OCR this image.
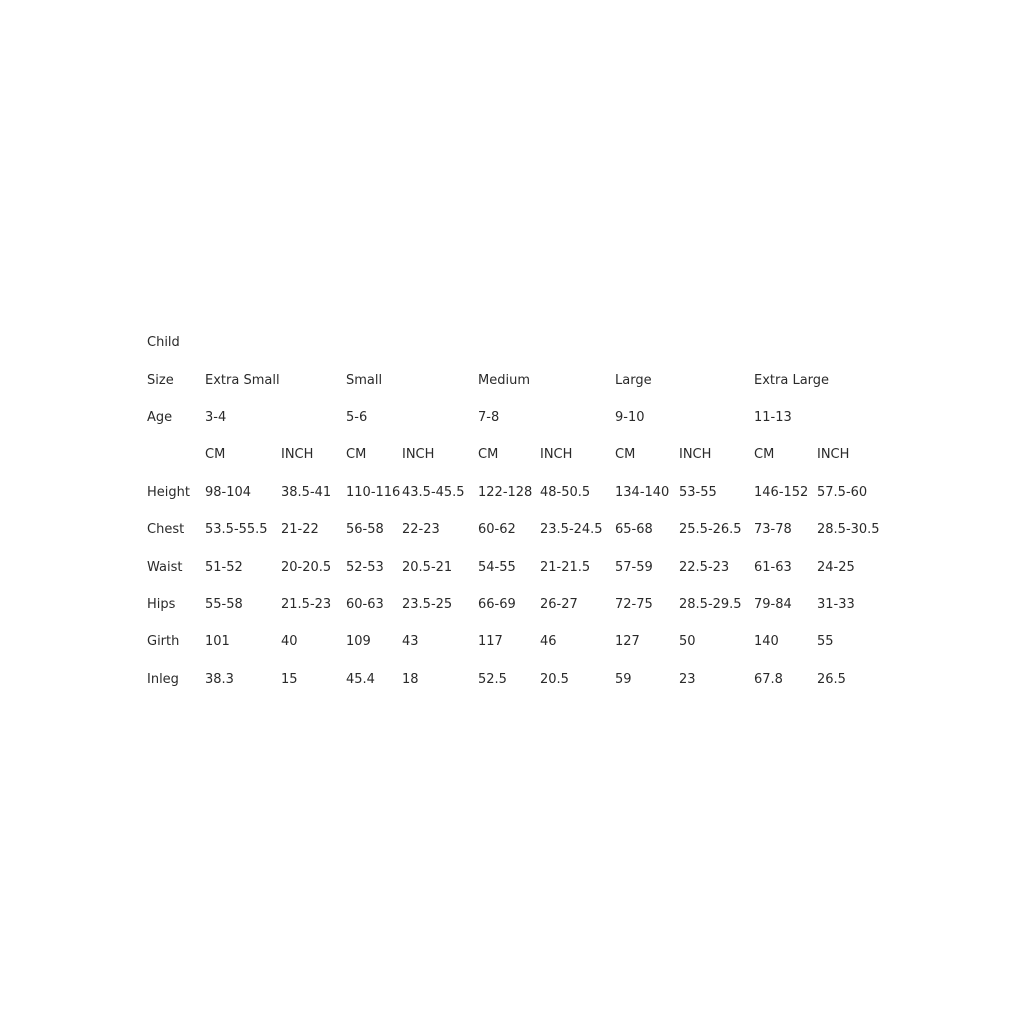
Child										
Size	Extra Small		Small		Medium		Large		Extra Large	
Age	3-4		5-6		7-8		9-10		11-13	
	CM	INCH	CM	INCH	CM	INCH	CM	INCH	CM	INCH
Height	98-104	38.5-41	110-116	43.5-45.5	122-128	48-50.5	134-140	53-55	146-152	57.5-60
Chest	53.5-55.5	21-22	56-58	22-23	60-62	23.5-24.5	65-68	25.5-26.5	73-78	28.5-30.5
Waist	51-52	20-20.5	52-53	20.5-21	54-55	21-21.5	57-59	22.5-23	61-63	24-25
Hips	55-58	21.5-23	60-63	23.5-25	66-69	26-27	72-75	28.5-29.5	79-84	31-33
Girth	101	40	109	43	117	46	127	50	140	55
Inleg	38.3	15	45.4	18	52.5	20.5	59	23	67.8	26.5
